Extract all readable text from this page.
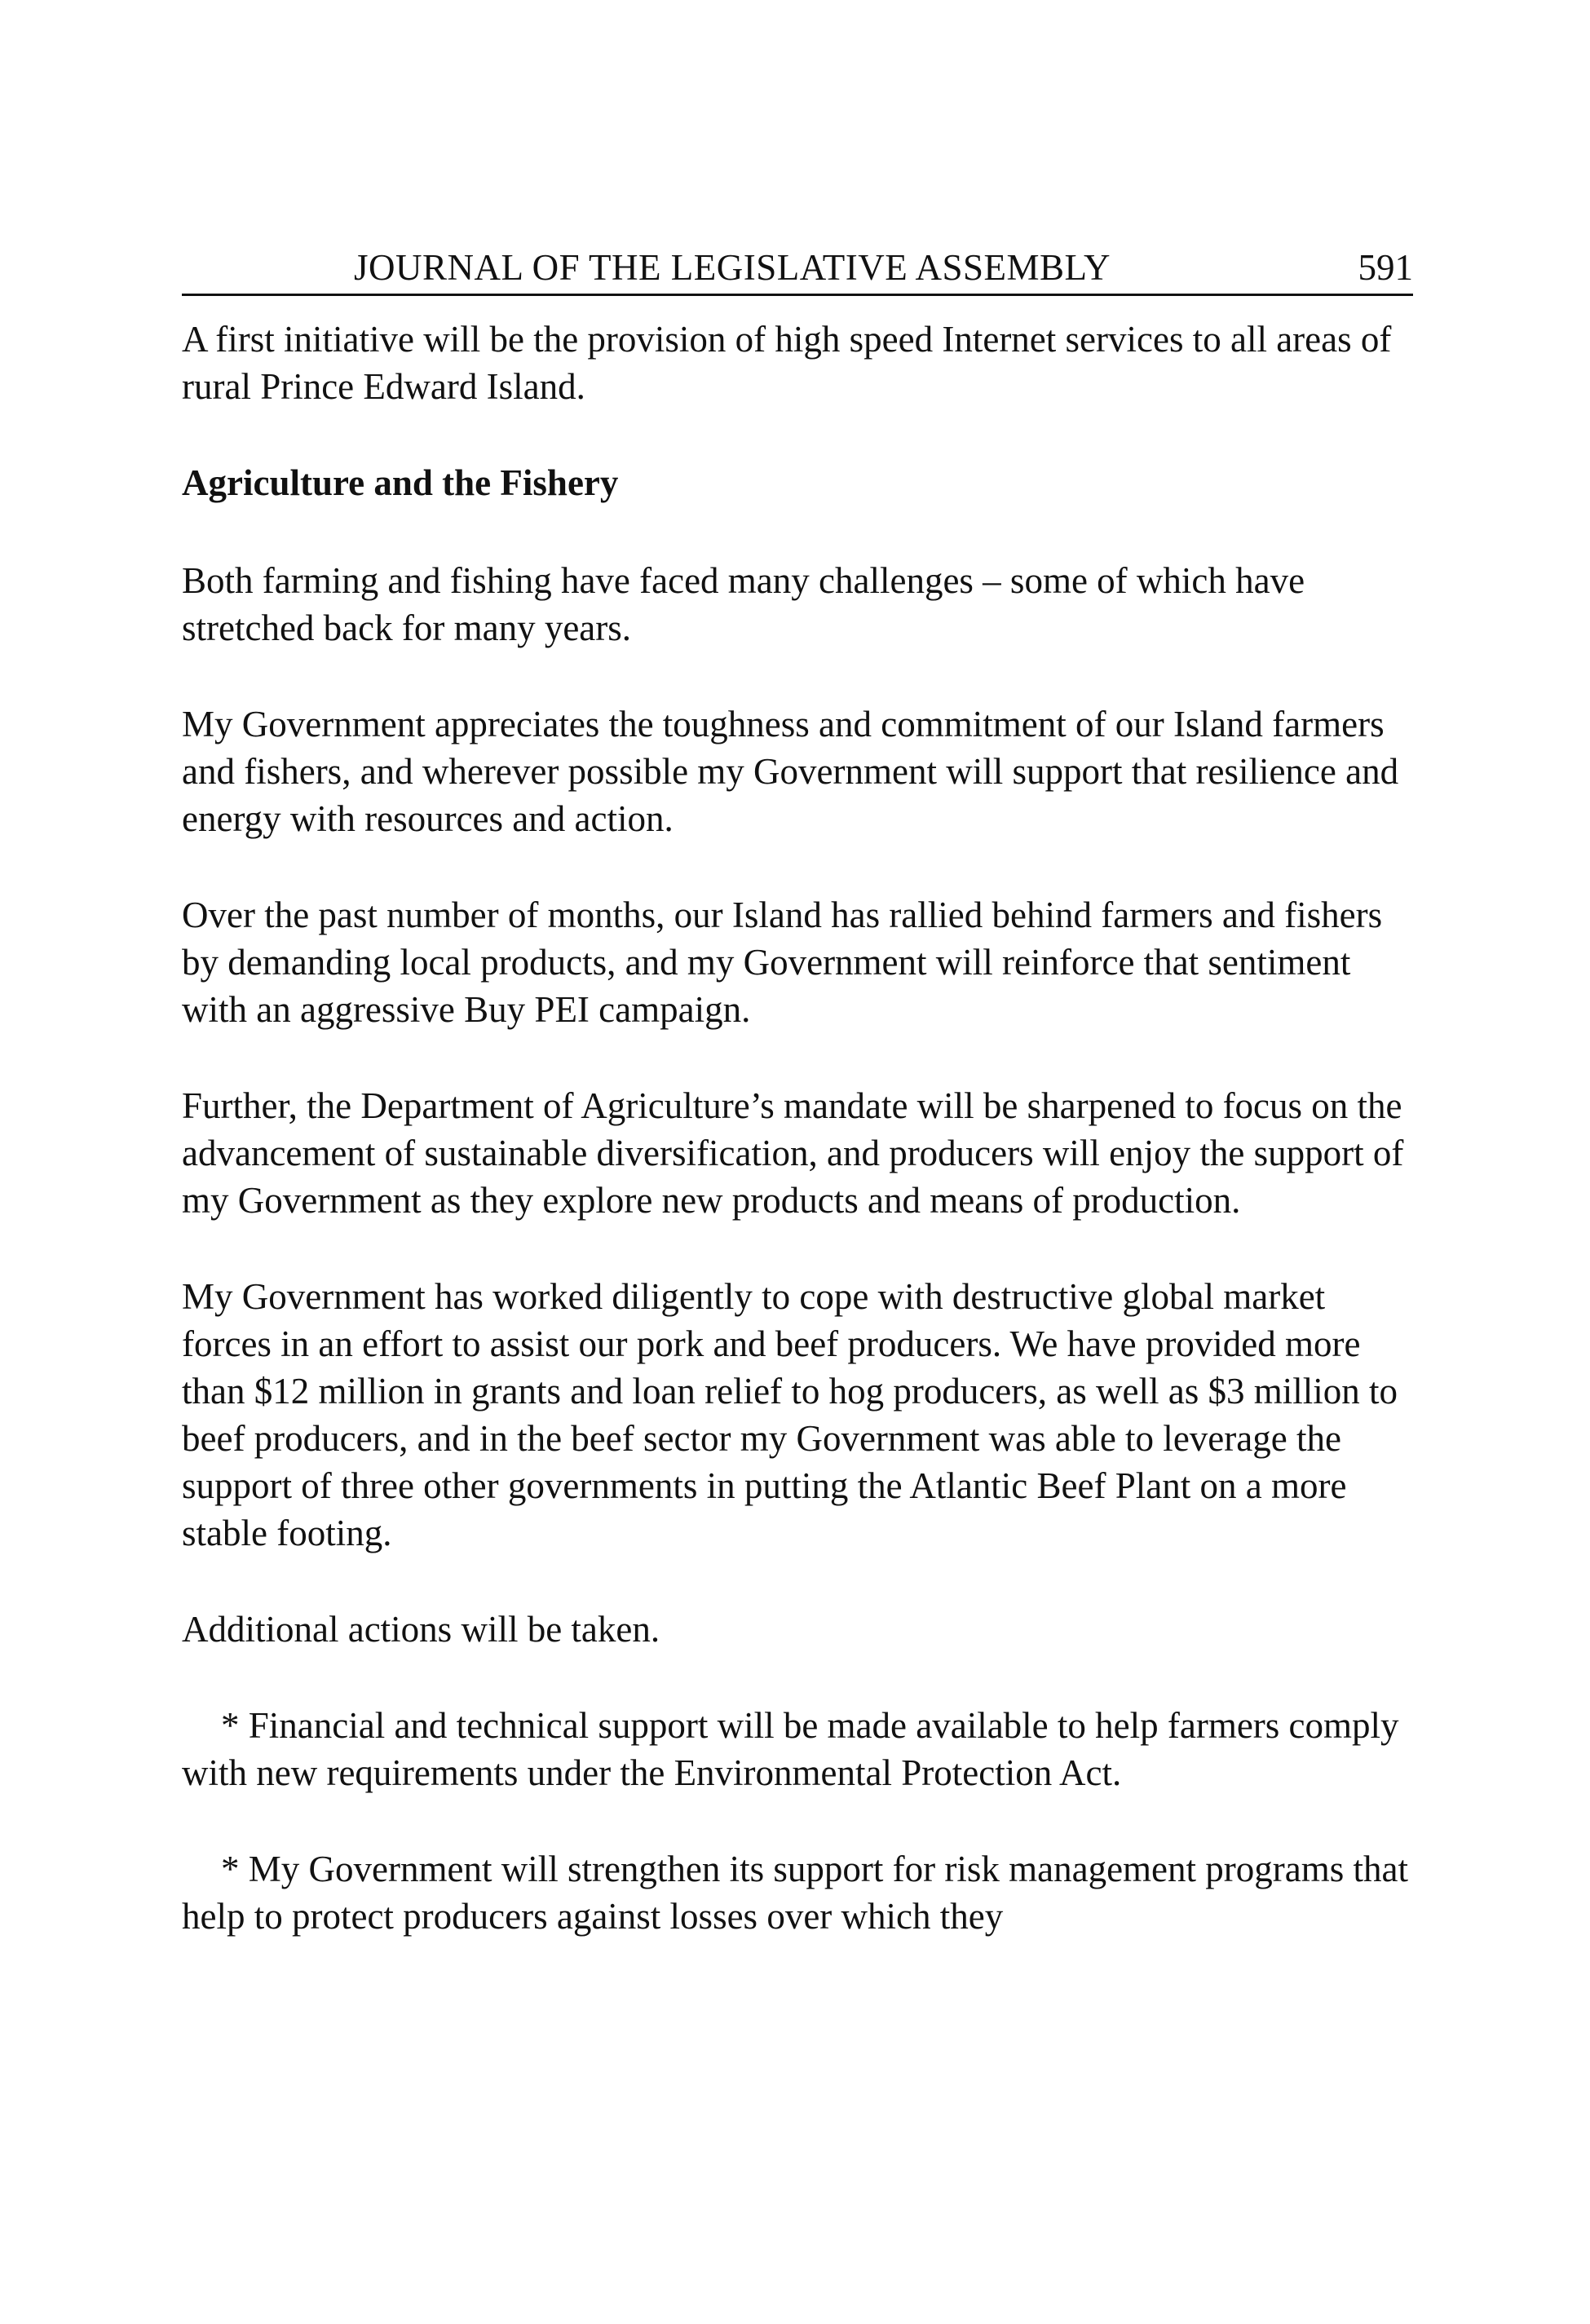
JOURNAL OF THE LEGISLATIVE ASSEMBLY	591

A first initiative will be the provision of high speed Internet services to all areas of rural Prince Edward Island.

Agriculture and the Fishery

Both farming and fishing have faced many challenges – some of which have stretched back for many years.

My Government appreciates the toughness and commitment of our Island farmers and fishers, and wherever possible my Government will support that resilience and energy with resources and action.

Over the past number of months, our Island has rallied behind farmers and fishers by demanding local products, and my Government will reinforce that sentiment with an aggressive Buy PEI campaign.

Further, the Department of Agriculture’s mandate will be sharpened to focus on the advancement of sustainable diversification, and producers will enjoy the support of my Government as they explore new products and means of production.

My Government has worked diligently to cope with destructive global market forces in an effort to assist our pork and beef producers. We have provided more than $12 million in grants and loan relief to hog producers, as well as $3 million to beef producers, and in the beef sector my Government was able to leverage the support of three other governments in putting the Atlantic Beef Plant on a more stable footing.

Additional actions will be taken.

* Financial and technical support will be made available to help farmers comply with new requirements under the Environmental Protection Act.

* My Government will strengthen its support for risk management programs that help to protect producers against losses over which they
